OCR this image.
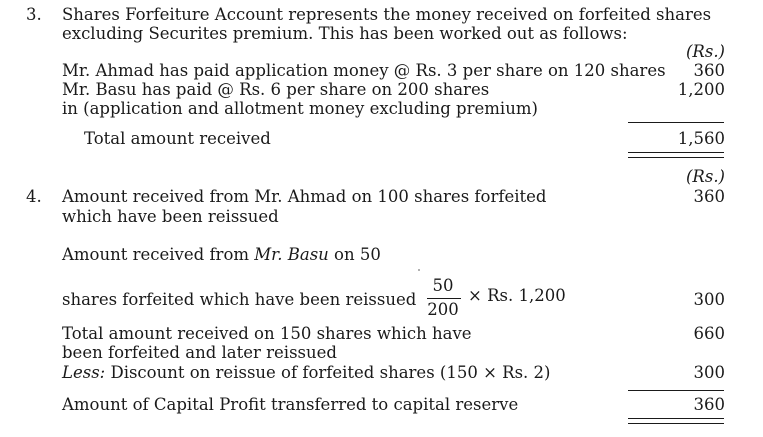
3. Shares Forfeiture Account represents the money received on forfeited shares
excluding Securites premium. This has been worked out as follows:
(Rs.)
Mr. Ahmad has paid application money @ Rs. 3 per share on 120 shares 360
Mr. Basu has paid @ Rs. 6 per share on 200 shares	1,200
in (application and allotment money excluding premium)
Total amount received	1,560
(Rs.)
4. Amount received from Mr. Ahmad on 100 shares forfeited	360
which have been reissued
Amount received from Mr. Basu on 50
shares forfeited which have been reissued
50
200
× Rs. 1,200	300
Total amount received on 150 shares which have	660
been forfeited and later reissued
Less: Discount on reissue of forfeited shares (150 × Rs. 2)	300
Amount of Capital Profit transferred to capital reserve	360
